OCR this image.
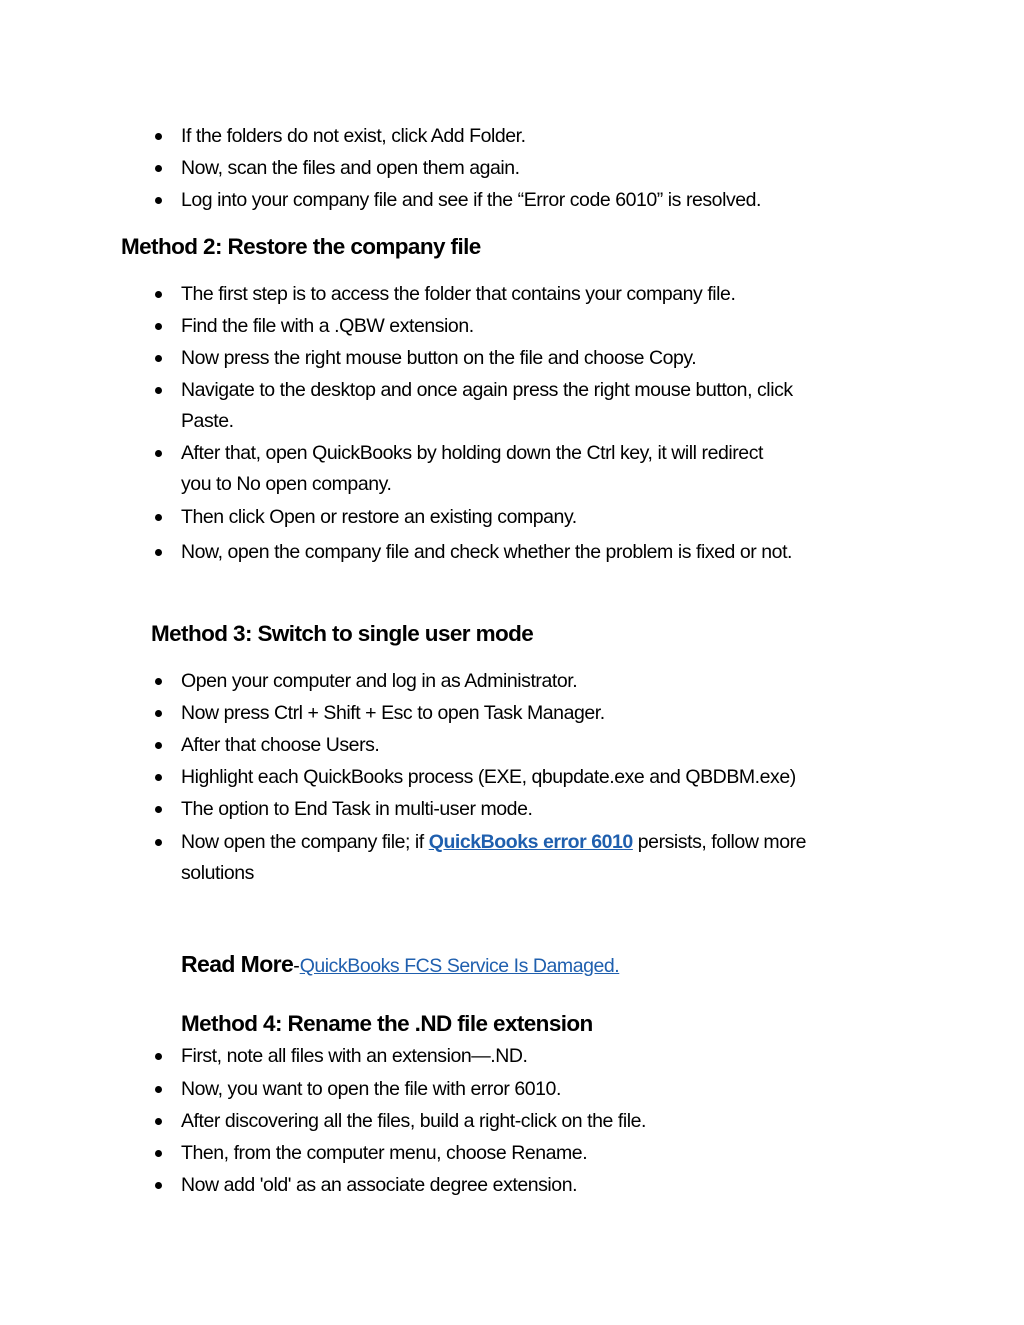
If the folders do not exist, click Add Folder.
Now, scan the files and open them again.
Log into your company file and see if the “Error code 6010” is resolved.
Method 2: Restore the company file
The first step is to access the folder that contains your company file.
Find the file with a .QBW extension.
Now press the right mouse button on the file and choose Copy.
Navigate to the desktop and once again press the right mouse button, click
Paste.
After that, open QuickBooks by holding down the Ctrl key, it will redirect
you to No open company.
Then click Open or restore an existing company.
Now, open the company file and check whether the problem is fixed or not.
Method 3: Switch to single user mode
Open your computer and log in as Administrator.
Now press Ctrl + Shift + Esc to open Task Manager.
After that choose Users.
Highlight each QuickBooks process (EXE, qbupdate.exe and QBDBM.exe)
The option to End Task in multi-user mode.
Now open the company file; if QuickBooks error 6010 persists, follow more
solutions
Read More-QuickBooks FCS Service Is Damaged.
Method 4: Rename the .ND file extension
First, note all files with an extension—.ND.
Now, you want to open the file with error 6010.
After discovering all the files, build a right-click on the file.
Then, from the computer menu, choose Rename.
Now add 'old' as an associate degree extension.
